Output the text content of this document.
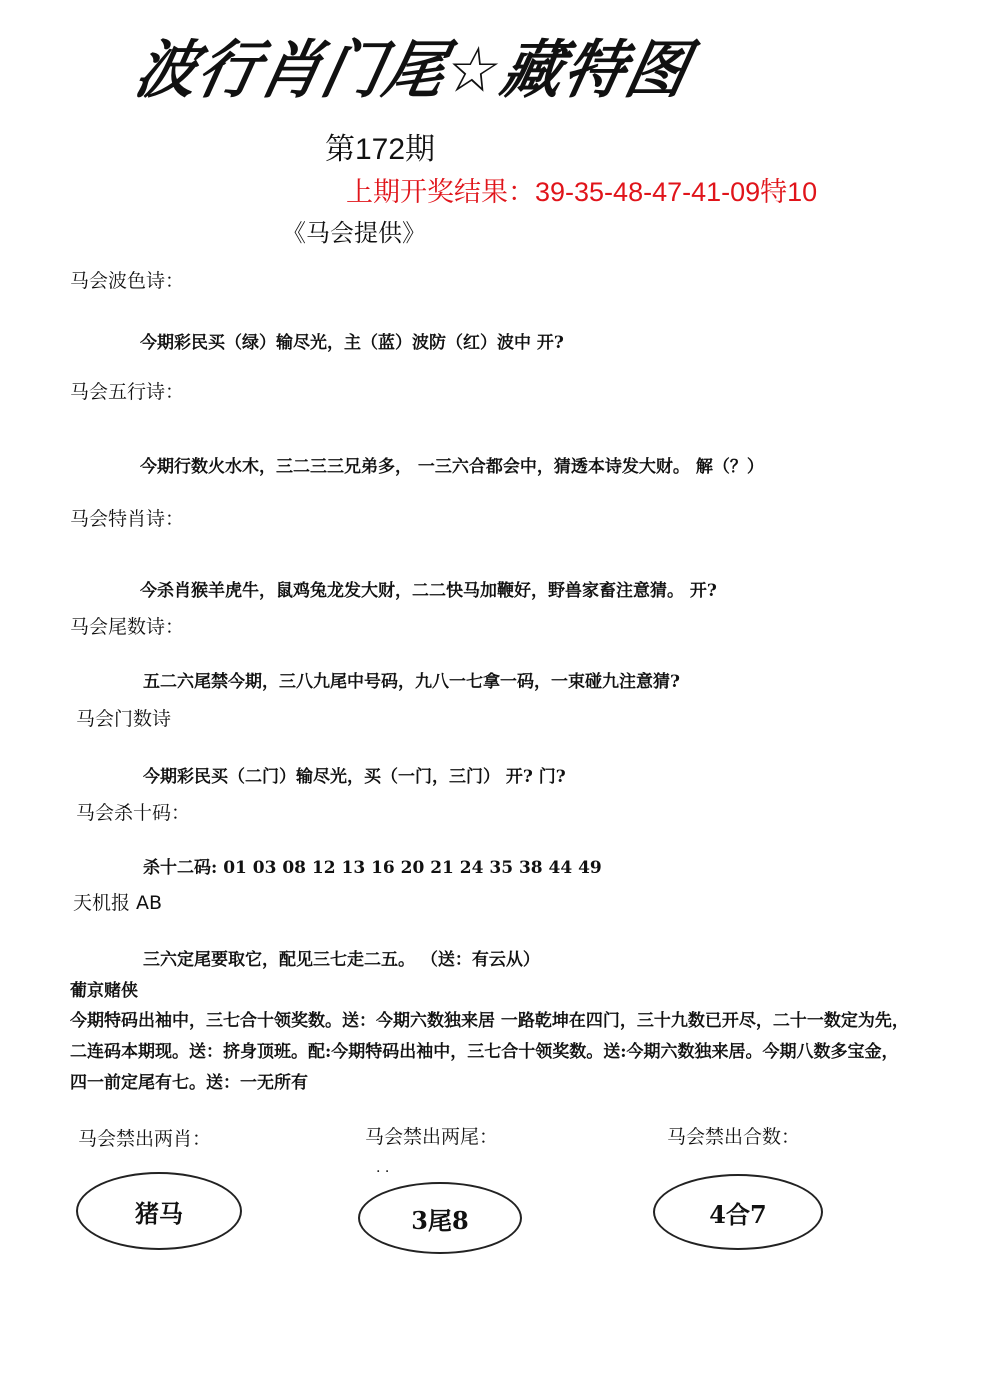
波行肖门尾☆藏特图
第172期
上期开奖结果：39-35-48-47-41-09特10
《马会提供》
马会波色诗：
今期彩民买（绿）输尽光，主（蓝）波防（红）波中 开?
马会五行诗：
今期行数火水木，三二三三兄弟多， 一三六合都会中，猜透本诗发大财。 解（？）
马会特肖诗：
今杀肖猴羊虎牛，鼠鸡兔龙发大财，二二快马加鞭好，野兽家畜注意猜。 开?
马会尾数诗：
五二六尾禁今期，三八九尾中号码，九八一七拿一码，一束碰九注意猜?
马会门数诗
今期彩民买（二门）输尽光，买（一门，三门） 开? 门?
马会杀十码：
杀十二码: 01 03 08 12 13 16 20 21 24 35 38 44 49
天机报 AB
三六定尾要取它，配见三七走二五。 （送：有云从）
葡京赌侠
今期特码出袖中，三七合十领奖数。送：今期六数独来居 一路乾坤在四门，三十九数已开尽，二十一数定为先，二连码本期现。送：挤身顶班。配:今期特码出袖中，三七合十领奖数。送:今期六数独来居。今期八数多宝金，四一前定尾有七。送：一无所有
马会禁出两肖：	马会禁出两尾：	马会禁出合数：
. .
猪马	3尾8	4合7
